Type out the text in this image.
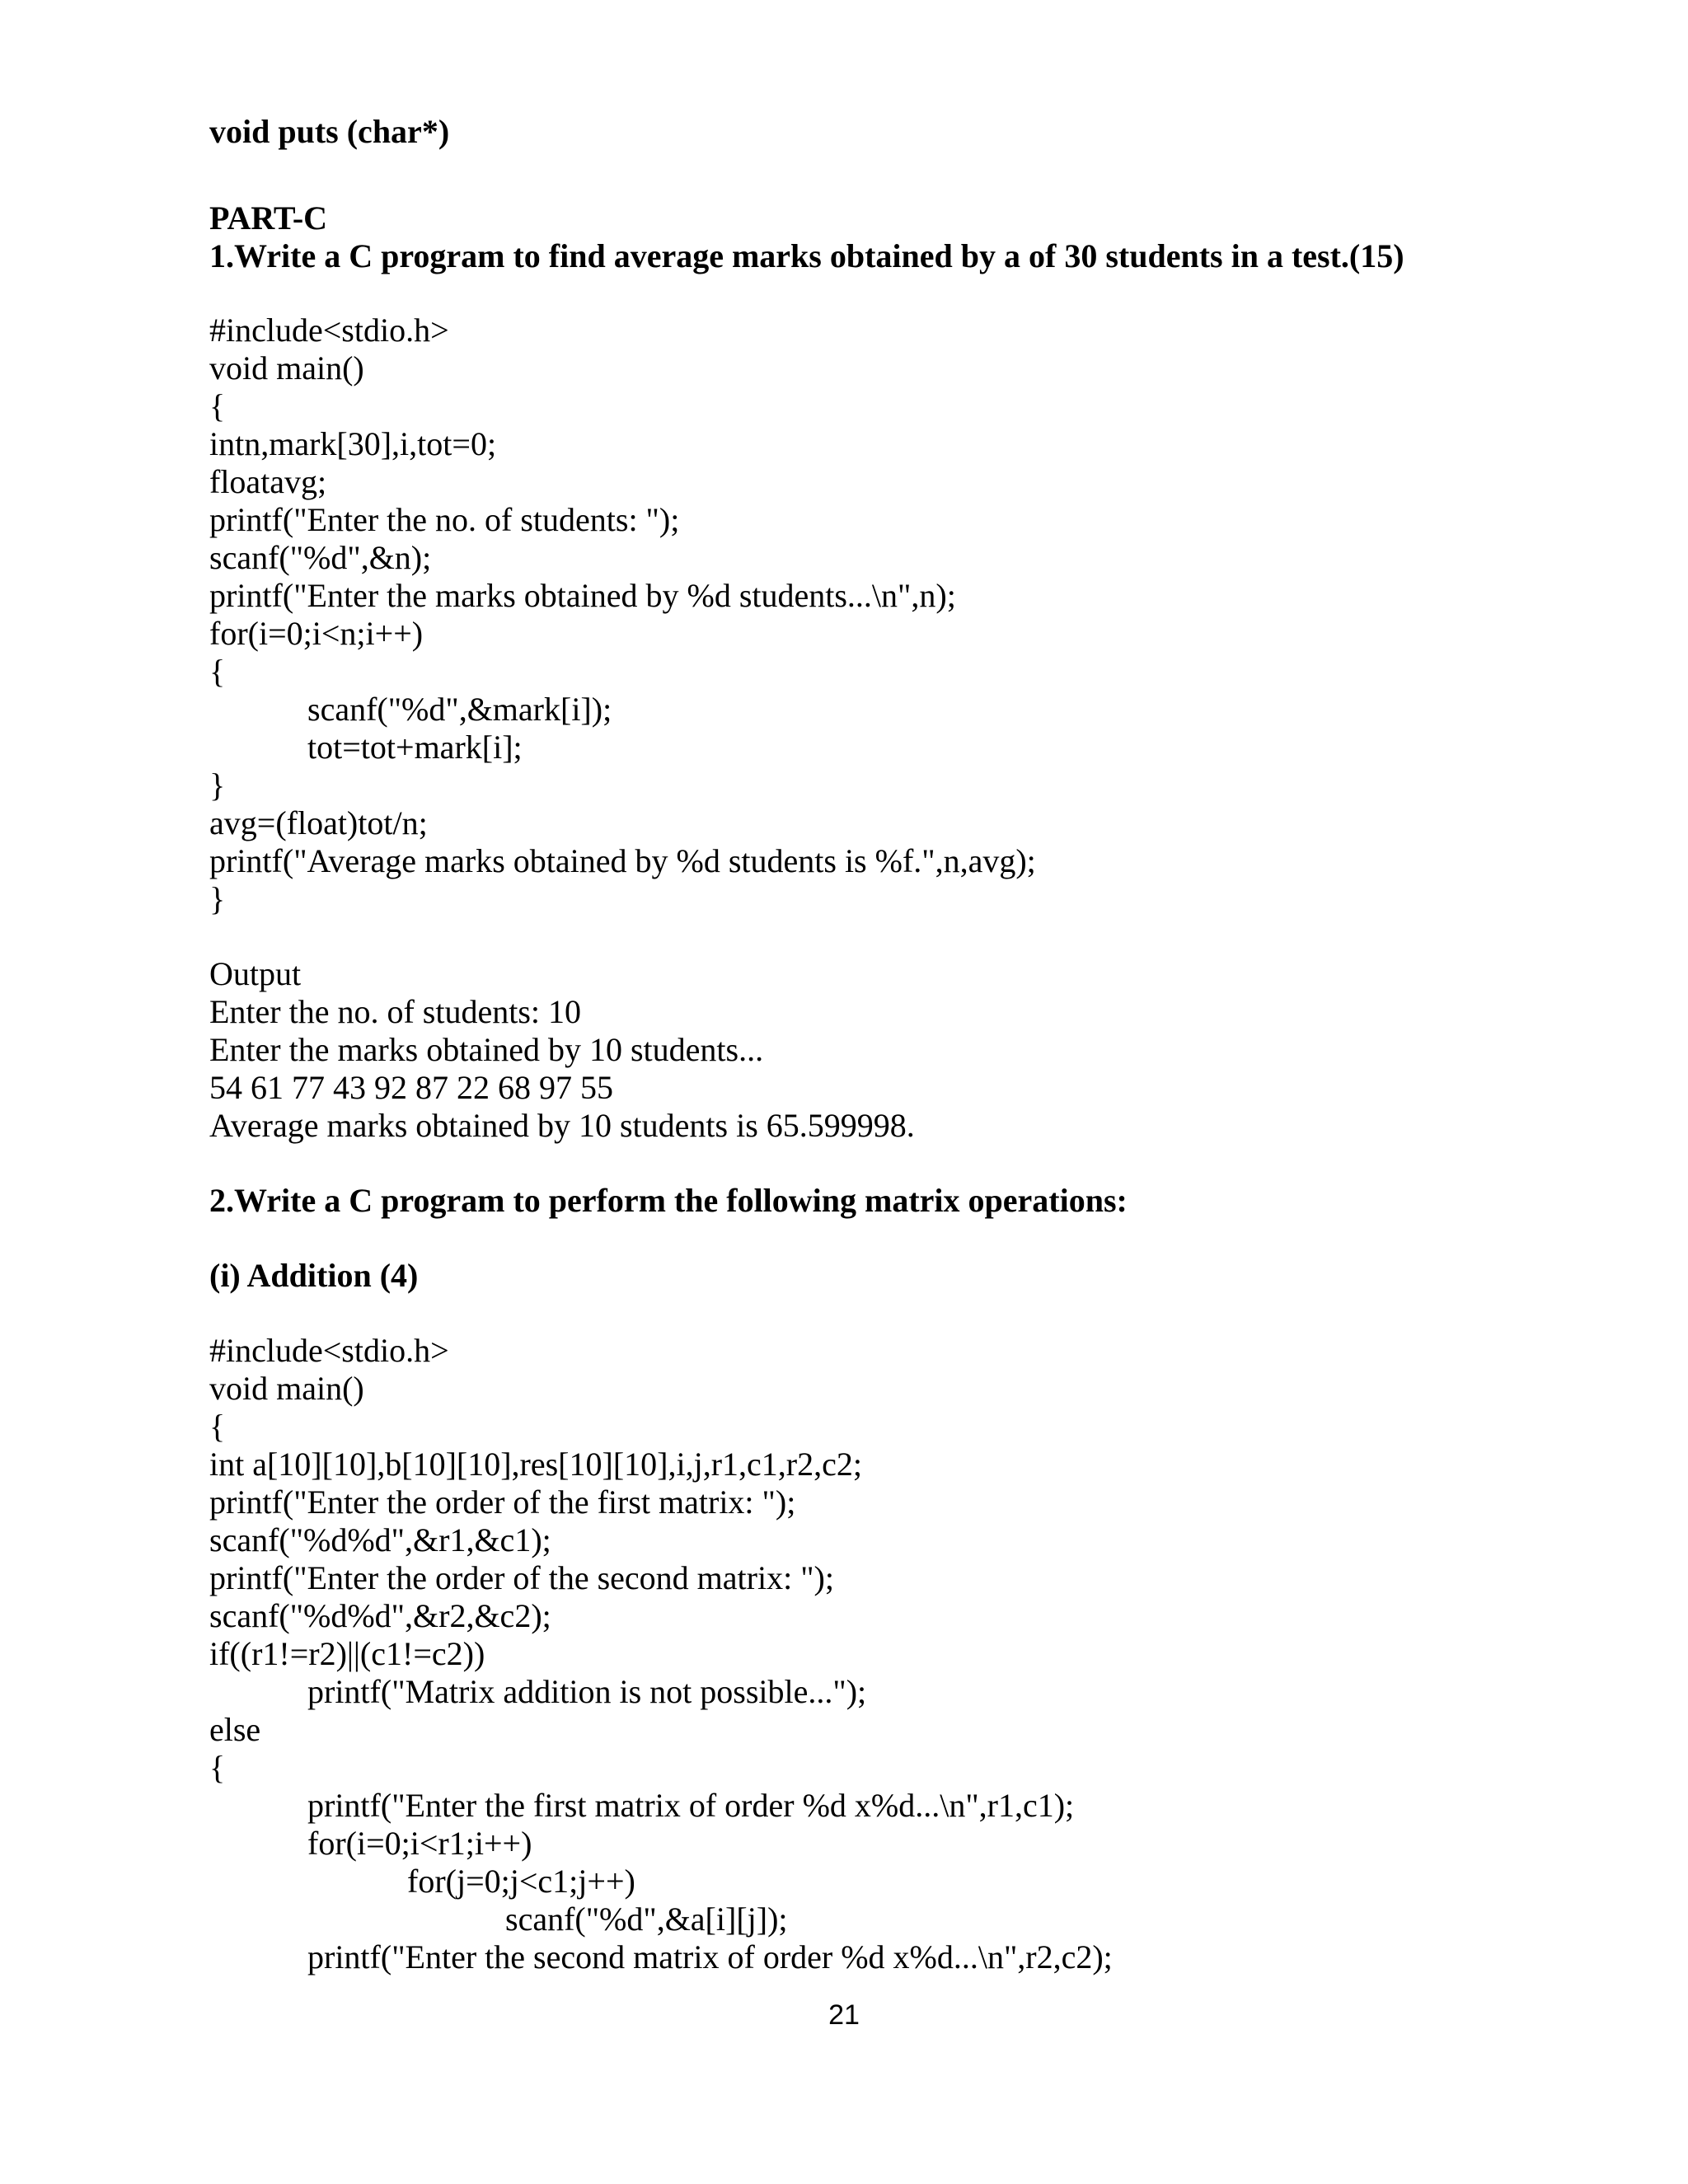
void puts (char*)
PART-C
1.Write a C program to find average marks obtained by a of 30 students in a test.(15)
#include<stdio.h>
void main()
{
intn,mark[30],i,tot=0;
floatavg;
printf("Enter the no. of students: ");
scanf("%d",&n);
printf("Enter the marks obtained by %d students...\n",n);
for(i=0;i<n;i++)
{
scanf("%d",&mark[i]);
tot=tot+mark[i];
}
avg=(float)tot/n;
printf("Average marks obtained by %d students is %f.",n,avg);
}
Output
Enter the no. of students: 10
Enter the marks obtained by 10 students...
54 61 77 43 92 87 22 68 97 55
Average marks obtained by 10 students is 65.599998.
2.Write a C program to perform the following matrix operations:
(i) Addition (4)
#include<stdio.h>
void main()
{
int a[10][10],b[10][10],res[10][10],i,j,r1,c1,r2,c2;
printf("Enter the order of the first matrix: ");
scanf("%d%d",&r1,&c1);
printf("Enter the order of the second matrix: ");
scanf("%d%d",&r2,&c2);
if((r1!=r2)||(c1!=c2))
printf("Matrix addition is not possible...");
else
{
printf("Enter the first matrix of order %d x%d...\n",r1,c1);
for(i=0;i<r1;i++)
for(j=0;j<c1;j++)
scanf("%d",&a[i][j]);
printf("Enter the second matrix of order %d x%d...\n",r2,c2);
21
